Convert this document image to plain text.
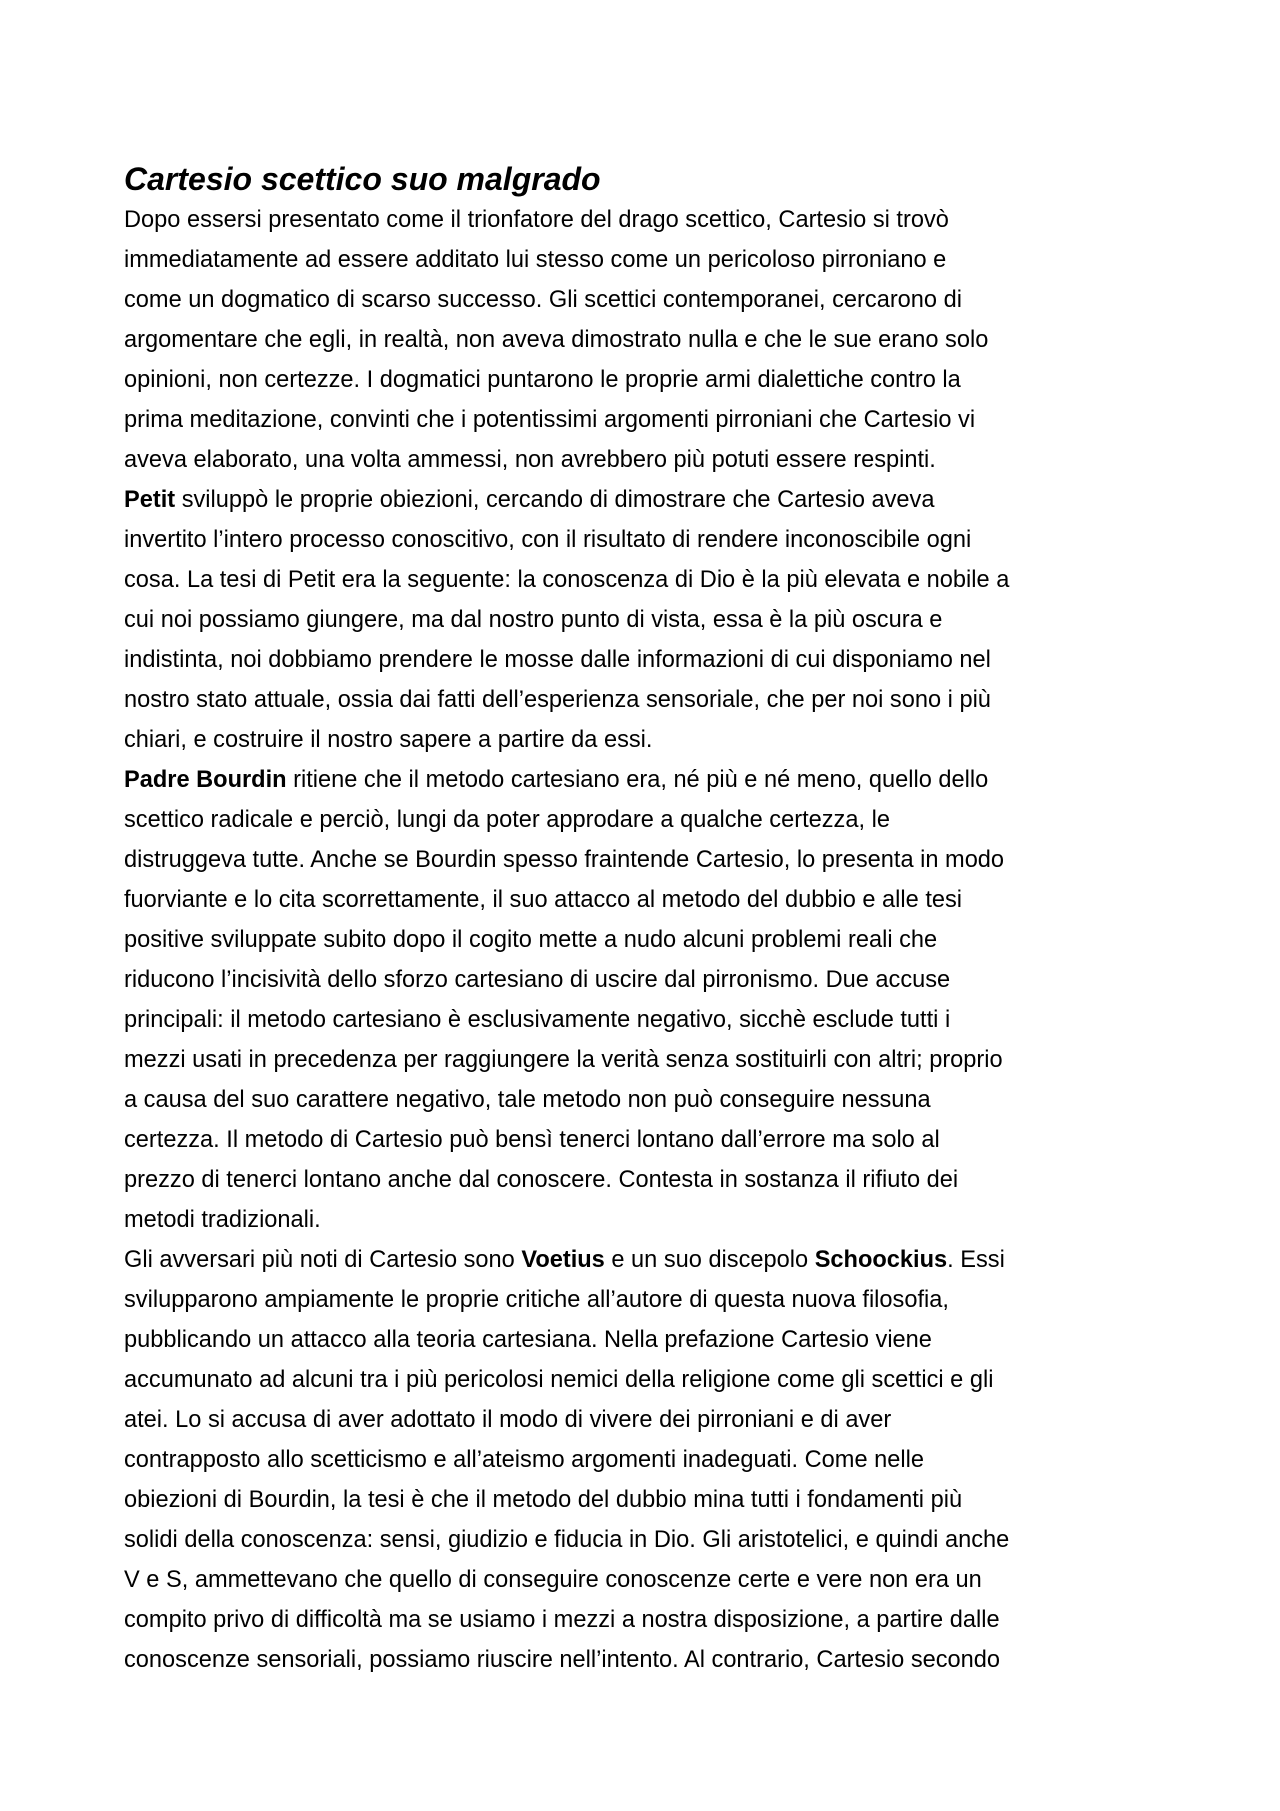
Cartesio scettico suo malgrado
Dopo essersi presentato come il trionfatore del drago scettico, Cartesio si trovò
immediatamente ad essere additato lui stesso come un pericoloso pirroniano e
come un dogmatico di scarso successo. Gli scettici contemporanei, cercarono di
argomentare che egli, in realtà, non aveva dimostrato nulla e che le sue erano solo
opinioni, non certezze. I dogmatici puntarono le proprie armi dialettiche contro la
prima meditazione, convinti che i potentissimi argomenti pirroniani che Cartesio vi
aveva elaborato, una volta ammessi, non avrebbero più potuti essere respinti.
Petit sviluppò le proprie obiezioni, cercando di dimostrare che Cartesio aveva
invertito l’intero processo conoscitivo, con il risultato di rendere inconoscibile ogni
cosa. La tesi di Petit era la seguente: la conoscenza di Dio è la più elevata e nobile a
cui noi possiamo giungere, ma dal nostro punto di vista, essa è la più oscura e
indistinta, noi dobbiamo prendere le mosse dalle informazioni di cui disponiamo nel
nostro stato attuale, ossia dai fatti dell’esperienza sensoriale, che per noi sono i più
chiari, e costruire il nostro sapere a partire da essi.
Padre Bourdin ritiene che il metodo cartesiano era, né più e né meno, quello dello
scettico radicale e perciò, lungi da poter approdare a qualche certezza, le
distruggeva tutte. Anche se Bourdin spesso fraintende Cartesio, lo presenta in modo
fuorviante e lo cita scorrettamente, il suo attacco al metodo del dubbio e alle tesi
positive sviluppate subito dopo il cogito mette a nudo alcuni problemi reali che
riducono l’incisività dello sforzo cartesiano di uscire dal pirronismo. Due accuse
principali: il metodo cartesiano è esclusivamente negativo, sicchè esclude tutti i
mezzi usati in precedenza per raggiungere la verità senza sostituirli con altri; proprio
a causa del suo carattere negativo, tale metodo non può conseguire nessuna
certezza. Il metodo di Cartesio può bensì tenerci lontano dall’errore ma solo al
prezzo di tenerci lontano anche dal conoscere. Contesta in sostanza il rifiuto dei
metodi tradizionali.
Gli avversari più noti di Cartesio sono Voetius e un suo discepolo Schoockius. Essi
svilupparono ampiamente le proprie critiche all’autore di questa nuova filosofia,
pubblicando un attacco alla teoria cartesiana. Nella prefazione Cartesio viene
accumunato ad alcuni tra i più pericolosi nemici della religione come gli scettici e gli
atei. Lo si accusa di aver adottato il modo di vivere dei pirroniani e di aver
contrapposto allo scetticismo e all’ateismo argomenti inadeguati. Come nelle
obiezioni di Bourdin, la tesi è che il metodo del dubbio mina tutti i fondamenti più
solidi della conoscenza: sensi, giudizio e fiducia in Dio. Gli aristotelici, e quindi anche
V e S, ammettevano che quello di conseguire conoscenze certe e vere non era un
compito privo di difficoltà ma se usiamo i mezzi a nostra disposizione, a partire dalle
conoscenze sensoriali, possiamo riuscire nell’intento. Al contrario, Cartesio secondo
